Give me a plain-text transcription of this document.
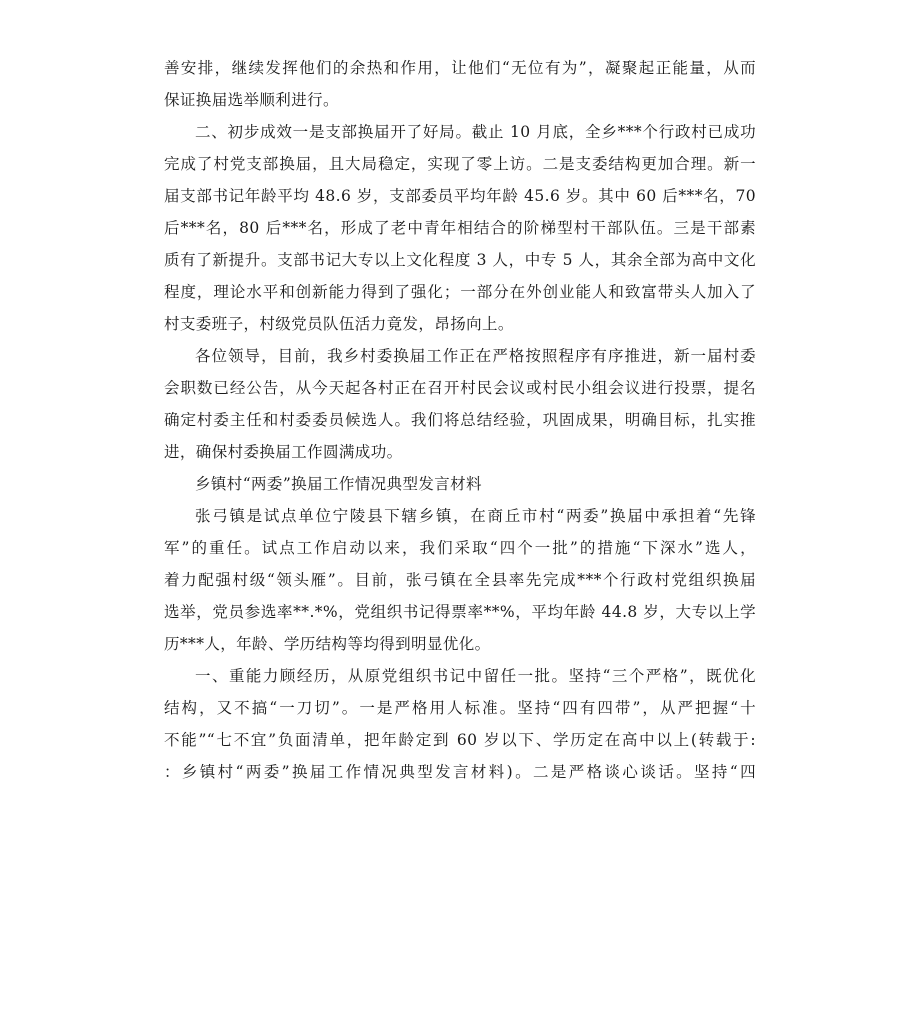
善安排，继续发挥他们的余热和作用，让他们“无位有为”，凝聚起正能量，从而
保证换届选举顺利进行。
二、初步成效一是支部换届开了好局。截止 10 月底，全乡***个行政村已成功
完成了村党支部换届，且大局稳定，实现了零上访。二是支委结构更加合理。新一
届支部书记年龄平均 48.6 岁，支部委员平均年龄 45.6 岁。其中 60 后***名，70
后***名，80 后***名，形成了老中青年相结合的阶梯型村干部队伍。三是干部素
质有了新提升。支部书记大专以上文化程度 3 人，中专 5 人，其余全部为高中文化
程度，理论水平和创新能力得到了强化；一部分在外创业能人和致富带头人加入了
村支委班子，村级党员队伍活力竟发，昂扬向上。
各位领导，目前，我乡村委换届工作正在严格按照程序有序推进，新一届村委
会职数已经公告，从今天起各村正在召开村民会议或村民小组会议进行投票，提名
确定村委主任和村委委员候选人。我们将总结经验，巩固成果，明确目标，扎实推
进，确保村委换届工作圆满成功。
乡镇村“两委”换届工作情况典型发言材料
张弓镇是试点单位宁陵县下辖乡镇，在商丘市村“两委”换届中承担着“先锋
军”的重任。试点工作启动以来，我们采取“四个一批”的措施“下深水”选人，
着力配强村级“领头雁”。目前，张弓镇在全县率先完成***个行政村党组织换届
选举，党员参选率**.*%，党组织书记得票率**%，平均年龄 44.8 岁，大专以上学
历***人，年龄、学历结构等均得到明显优化。
一、重能力顾经历，从原党组织书记中留任一批。坚持“三个严格”，既优化
结构，又不搞“一刀切”。一是严格用人标准。坚持“四有四带”，从严把握“十
不能”“七不宜”负面清单，把年龄定到 60 岁以下、学历定在高中以上(转载于:
：乡镇村“两委”换届工作情况典型发言材料)。二是严格谈心谈话。坚持“四
